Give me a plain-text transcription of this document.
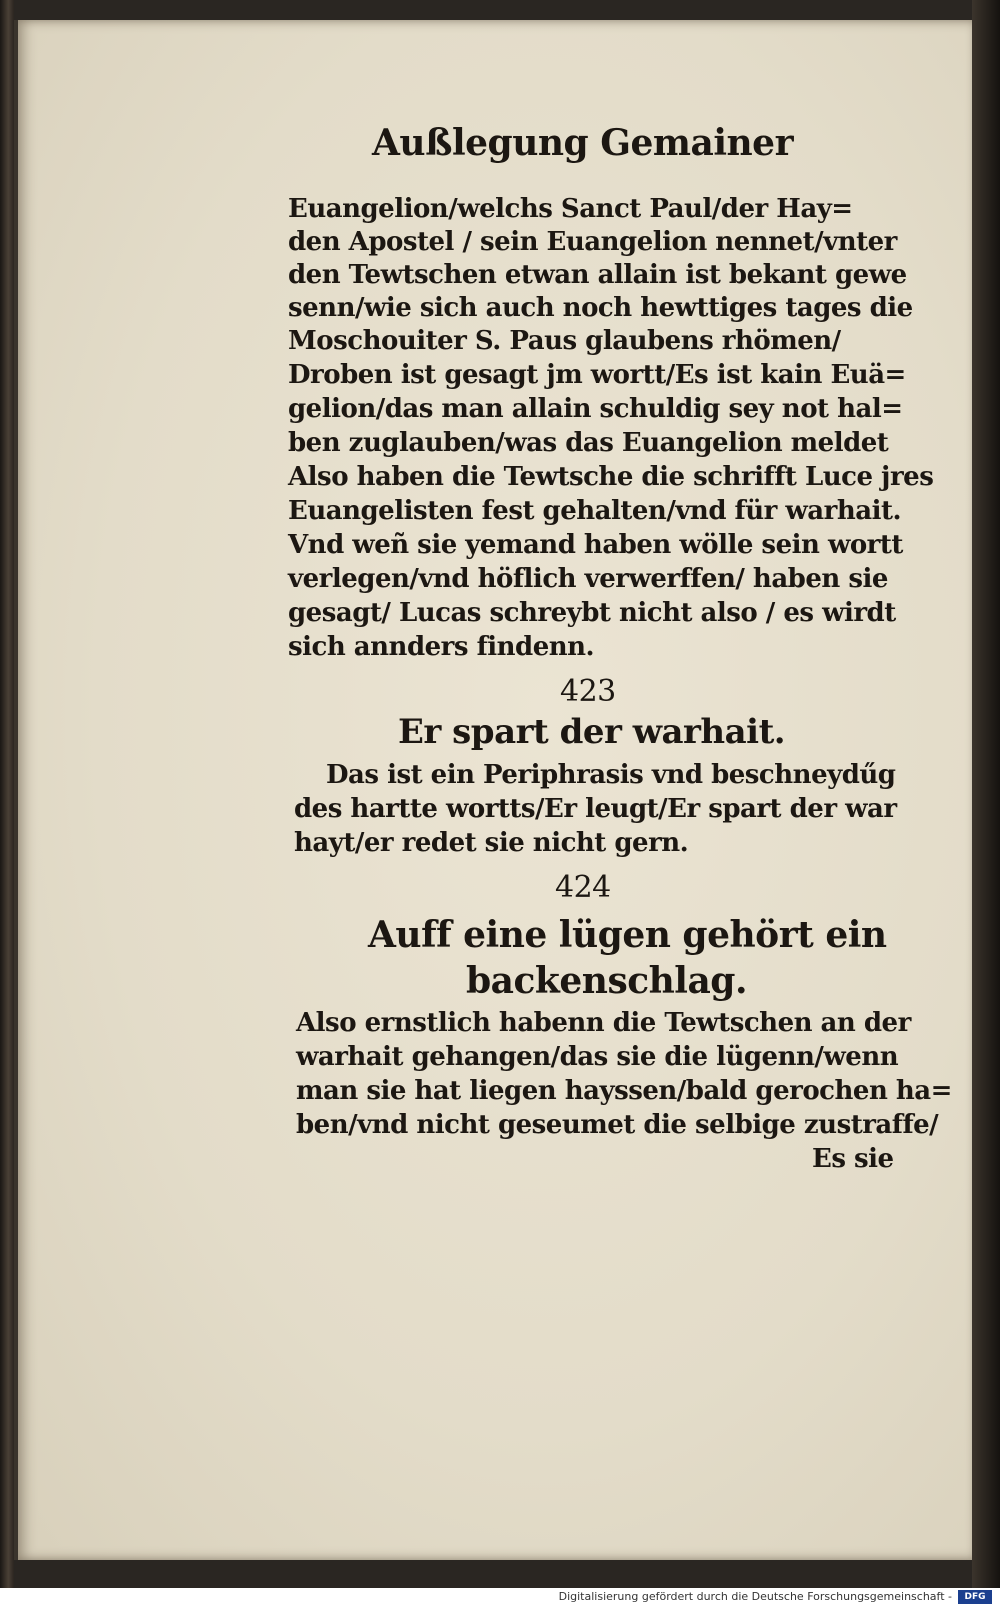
Außlegung Gemainer
Euangelion/welchs Sanct Paul/der Hay=
den Apostel / sein Euangelion nennet/vnter
den Tewtschen etwan allain ist bekant gewe
senn/wie sich auch noch hewttiges tages die
Moschouiter S. Paus glaubens rhömen/
Droben ist gesagt jm wortt/Es ist kain Euä=
gelion/das man allain schuldig sey not hal=
ben zuglauben/was das Euangelion meldet
Also haben die Tewtsche die schrifft Luce jres
Euangelisten fest gehalten/vnd für warhait.
Vnd weñ sie yemand haben wölle sein wortt
verlegen/vnd höflich verwerffen/ haben sie
gesagt/ Lucas schreybt nicht also / es wirdt
sich annders findenn.
423
Er spart der warhait.
Das ist ein Periphrasis vnd beschneydűg
des hartte wortts/Er leugt/Er spart der war
hayt/er redet sie nicht gern.
424
Auff eine lügen gehört ein
backenschlag.
Also ernstlich habenn die Tewtschen an der
warhait gehangen/das sie die lügenn/wenn
man sie hat liegen hayssen/bald gerochen ha=
ben/vnd nicht geseumet die selbige zustraffe/
Es sie
Digitalisierung gefördert durch die Deutsche Forschungsgemeinschaft -	DFG
